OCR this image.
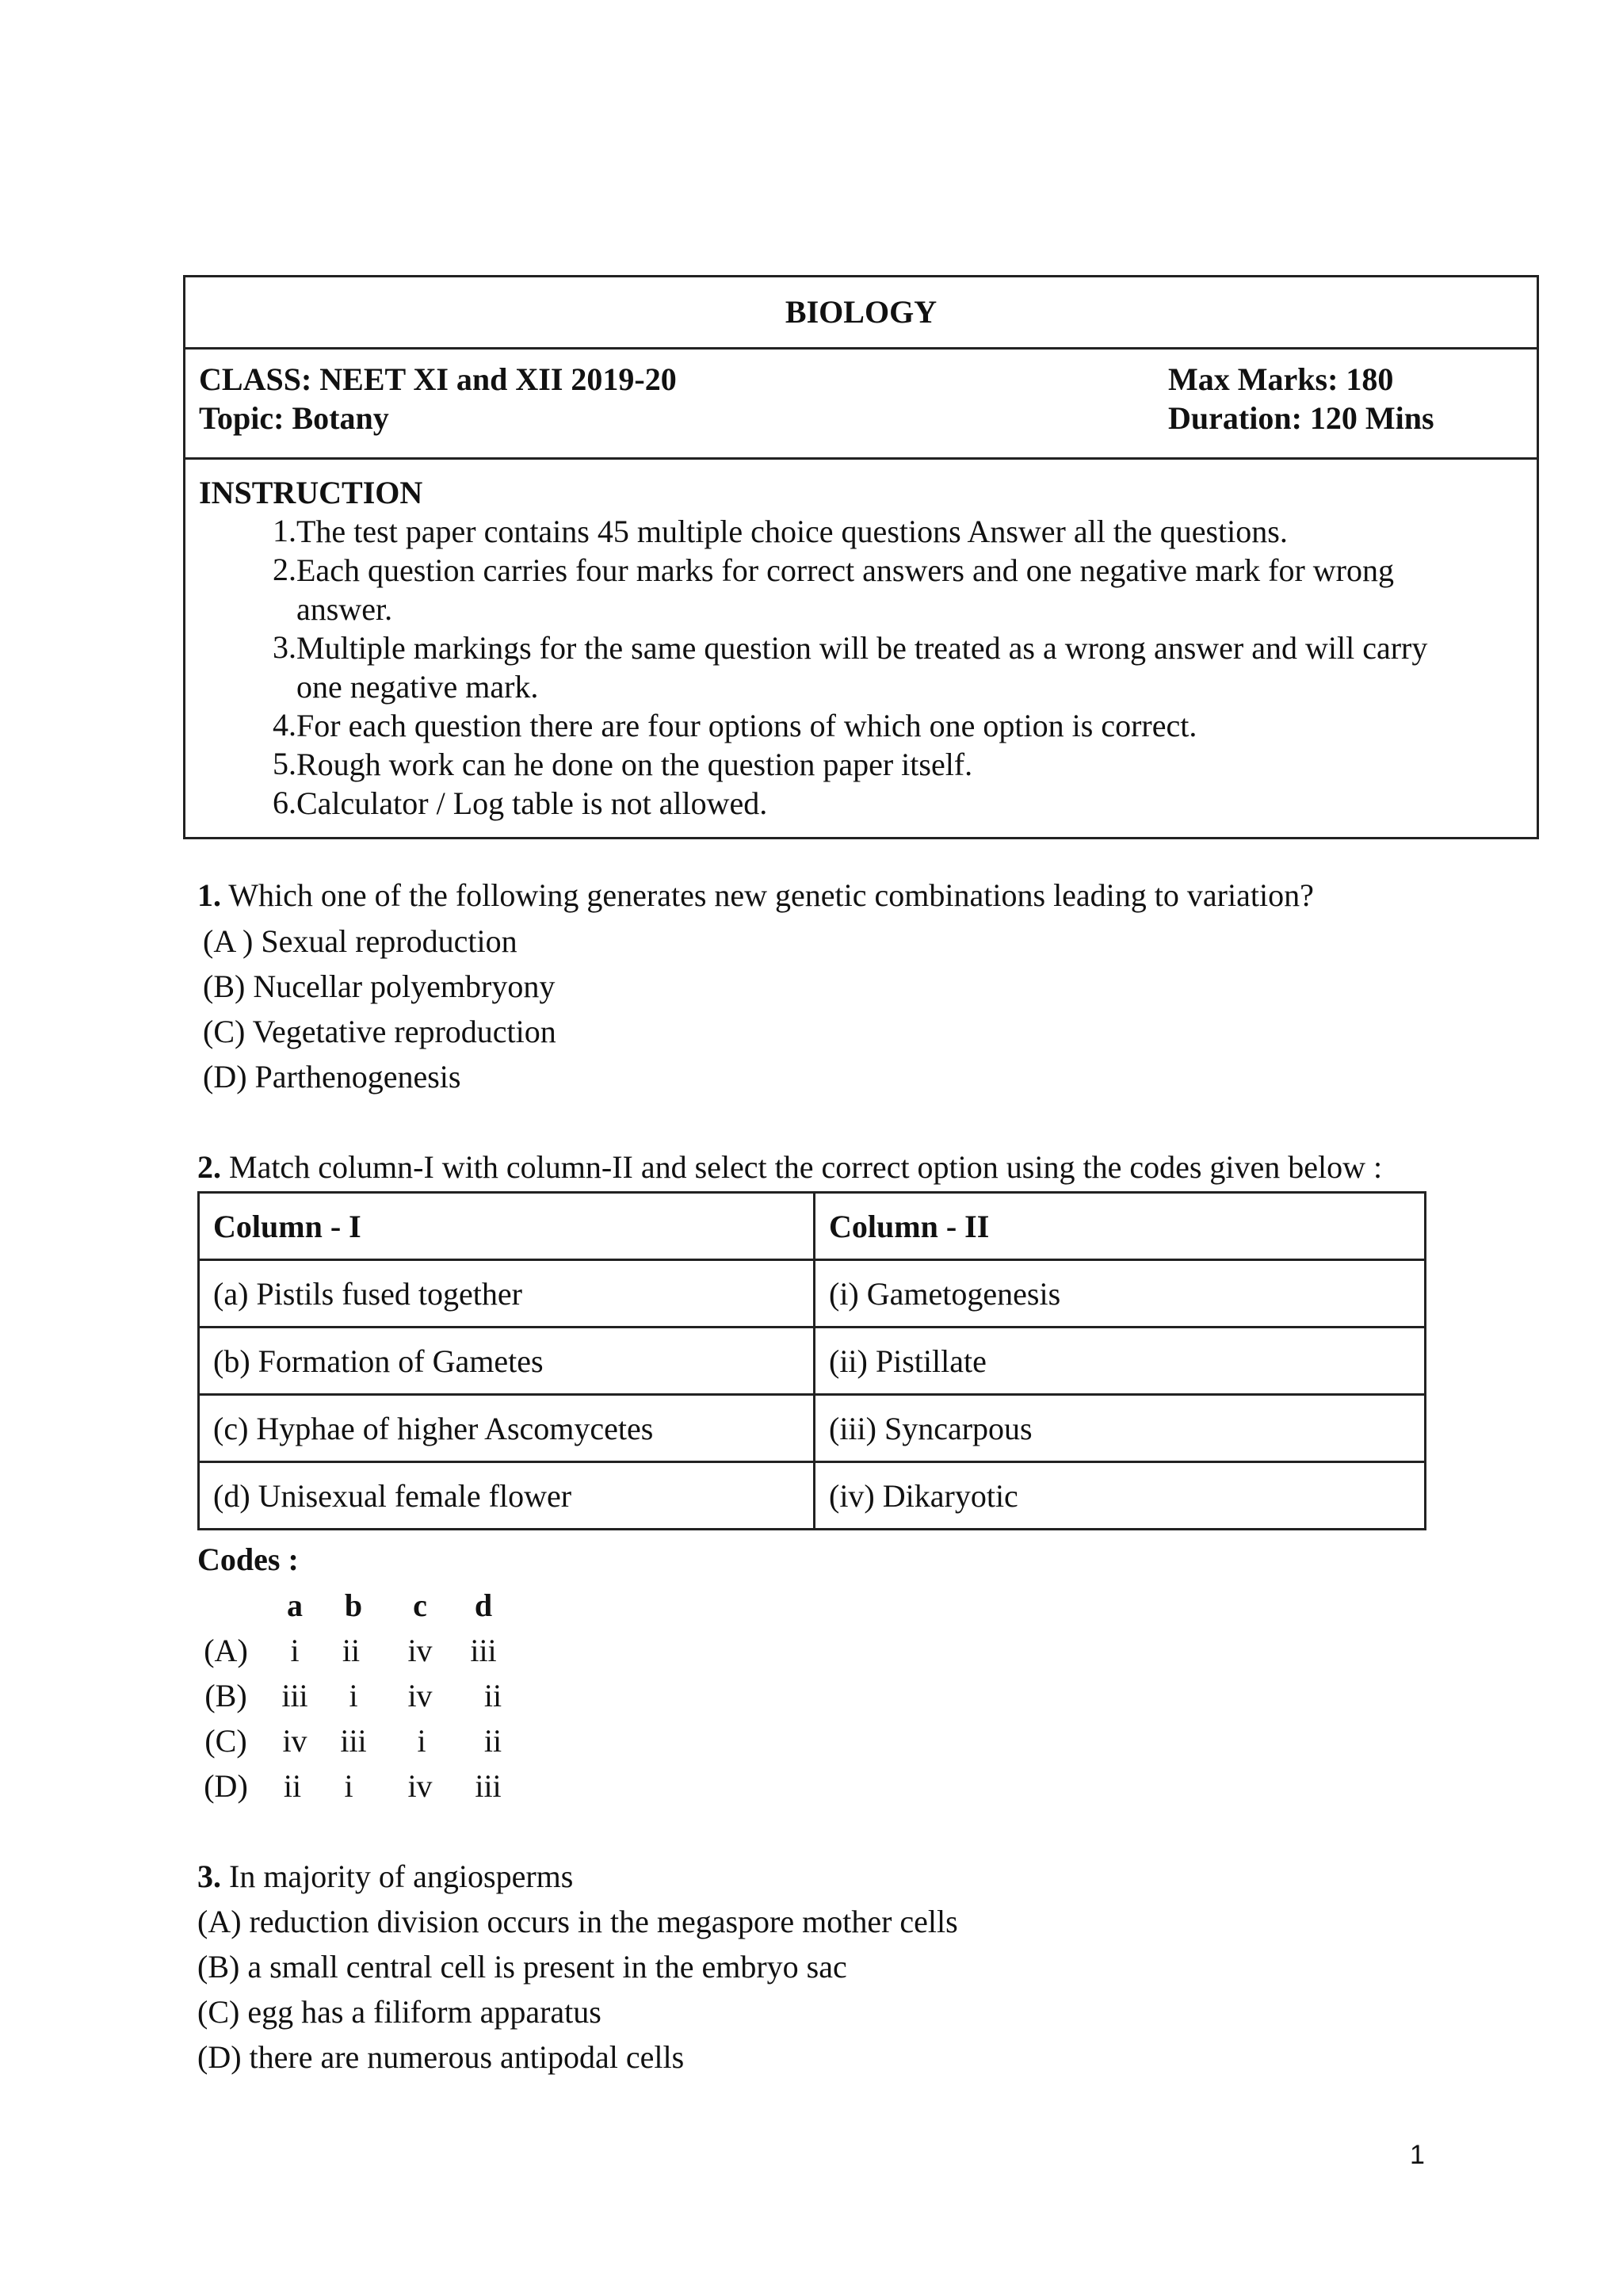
BIOLOGY
CLASS: NEET XI and XII 2019-20
Topic: Botany
Max Marks: 180
Duration: 120 Mins
INSTRUCTION
1. The test paper contains 45 multiple choice questions Answer all the questions.
2. Each question carries four marks for correct answers and one negative mark for wrong answer.
3. Multiple markings for the same question will be treated as a wrong answer and will carry one negative mark.
4. For each question there are four options of which one option is correct.
5. Rough work can he done on the question paper itself.
6. Calculator / Log table is not allowed.
1. Which one of the following generates new genetic combinations leading to variation?
(A ) Sexual reproduction
(B) Nucellar polyembryony
(C) Vegetative reproduction
(D) Parthenogenesis
2. Match column-I with column-II and select the correct option using the codes given below :
Column - I	Column - II
(a) Pistils fused together	(i) Gametogenesis
(b) Formation of Gametes	(ii) Pistillate
(c) Hyphae of higher Ascomycetes	(iii) Syncarpous
(d) Unisexual female flower	(iv) Dikaryotic
Codes :
a	b	c	d
(A)	i	ii	iv	iii
(B)	iii	i	iv	ii
(C)	iv	iii	i	ii
(D)	ii	i	iv	iii
3. In majority of angiosperms
(A) reduction division occurs in the megaspore mother cells
(B) a small central cell is present in the embryo sac
(C) egg has a filiform apparatus
(D) there are numerous antipodal cells
1
